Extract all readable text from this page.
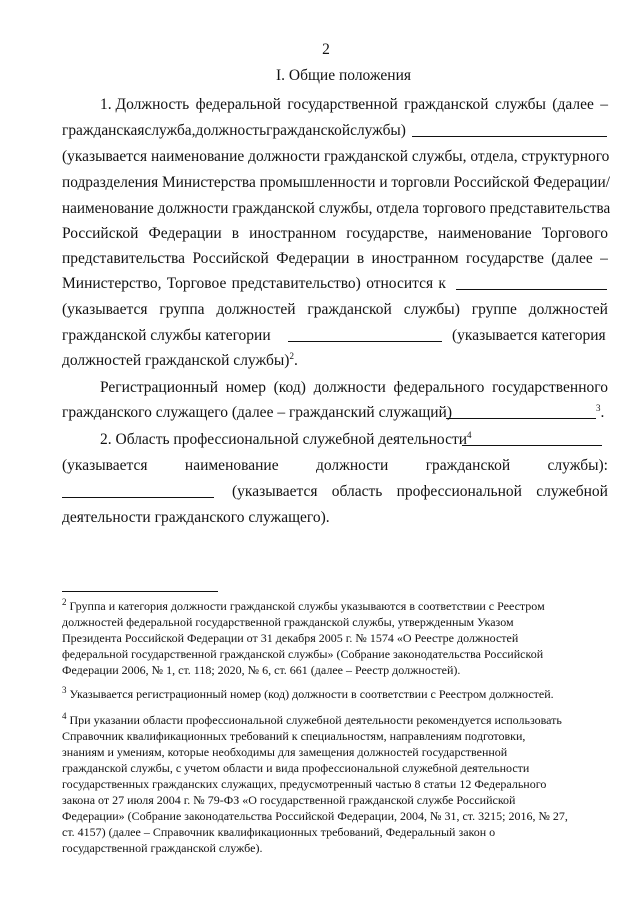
2
I. Общие положения
1. Должность федеральной государственной гражданской службы (далее –
гражданская служба, должность гражданской службы)
(указывается наименование должности гражданской службы, отдела, структурного
подразделения Министерства промышленности и торговли Российской Федерации/
наименование должности гражданской службы, отдела торгового представительства
Российской Федерации в иностранном государстве, наименование Торгового
представительства Российской Федерации в иностранном государстве (далее –
Министерство, Торговое представительство) относится к
(указывается группа должностей гражданской службы) группе должностей
гражданской службы категории	(указывается категория
должностей гражданской службы)$^2$.
Регистрационный номер (код) должности федерального государственного
гражданского служащего (далее – гражданский служащий)	$^3$.
2. Область профессиональной служебной деятельности$^4$
(указывается наименование должности гражданской службы):
(указывается область профессиональной служебной
деятельности гражданского служащего).
$^2$ Группа и категория должности гражданской службы указываются в соответствии с Реестром
должностей федеральной государственной гражданской службы, утвержденным Указом
Президента Российской Федерации от 31 декабря 2005 г. № 1574 «О Реестре должностей
федеральной государственной гражданской службы» (Собрание законодательства Российской
Федерации 2006, № 1, ст. 118; 2020, № 6, ст. 661 (далее – Реестр должностей).
$^3$ Указывается регистрационный номер (код) должности в соответствии с Реестром должностей.
$^4$ При указании области профессиональной служебной деятельности рекомендуется использовать
Справочник квалификационных требований к специальностям, направлениям подготовки,
знаниям и умениям, которые необходимы для замещения должностей государственной
гражданской службы, с учетом области и вида профессиональной служебной деятельности
государственных гражданских служащих, предусмотренный частью 8 статьи 12 Федерального
закона от 27 июля 2004 г. № 79-ФЗ «О государственной гражданской службе Российской
Федерации» (Собрание законодательства Российской Федерации, 2004, № 31, ст. 3215; 2016, № 27,
ст. 4157) (далее – Справочник квалификационных требований, Федеральный закон о
государственной гражданской службе).
